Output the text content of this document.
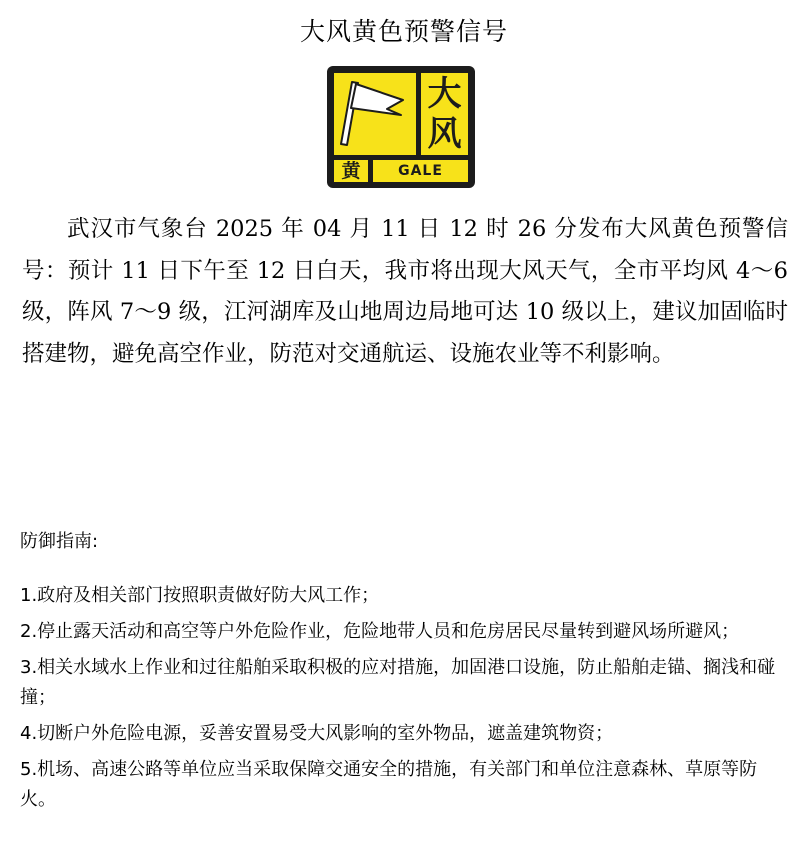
大风黄色预警信号
大
风
黄	GALE

武汉市气象台 2025 年 04 月 11 日 12 时 26 分发布大风黄色预警信号：预计 11 日下午至 12 日白天，我市将出现大风天气，全市平均风 4～6 级，阵风 7～9 级，江河湖库及山地周边局地可达 10 级以上，建议加固临时搭建物，避免高空作业，防范对交通航运、设施农业等不利影响。

防御指南:
1.政府及相关部门按照职责做好防大风工作；
2.停止露天活动和高空等户外危险作业，危险地带人员和危房居民尽量转到避风场所避风；
3.相关水域水上作业和过往船舶采取积极的应对措施，加固港口设施，防止船舶走锚、搁浅和碰撞；
4.切断户外危险电源，妥善安置易受大风影响的室外物品，遮盖建筑物资；
5.机场、高速公路等单位应当采取保障交通安全的措施，有关部门和单位注意森林、草原等防火。
